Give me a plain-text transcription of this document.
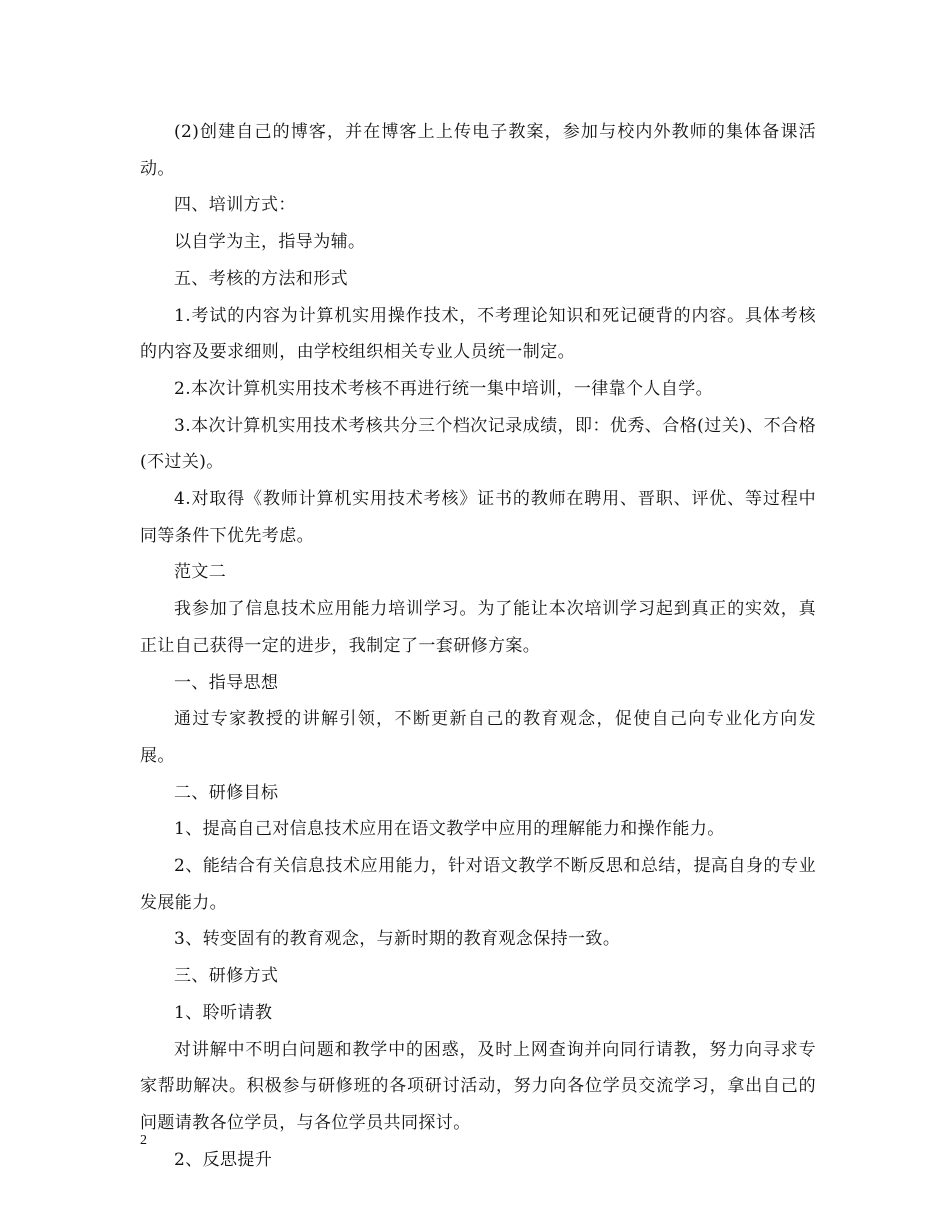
(2)创建自己的博客，并在博客上上传电子教案，参加与校内外教师的集体备课活动。

四、培训方式：

以自学为主，指导为辅。

五、考核的方法和形式

1.考试的内容为计算机实用操作技术，不考理论知识和死记硬背的内容。具体考核的内容及要求细则，由学校组织相关专业人员统一制定。

2.本次计算机实用技术考核不再进行统一集中培训，一律靠个人自学。

3.本次计算机实用技术考核共分三个档次记录成绩，即：优秀、合格(过关)、不合格(不过关)。

4.对取得《教师计算机实用技术考核》证书的教师在聘用、晋职、评优、等过程中同等条件下优先考虑。

范文二

我参加了信息技术应用能力培训学习。为了能让本次培训学习起到真正的实效，真正让自己获得一定的进步，我制定了一套研修方案。

一、指导思想

通过专家教授的讲解引领，不断更新自己的教育观念，促使自己向专业化方向发展。

二、研修目标

1、提高自己对信息技术应用在语文教学中应用的理解能力和操作能力。

2、能结合有关信息技术应用能力，针对语文教学不断反思和总结，提高自身的专业发展能力。

3、转变固有的教育观念，与新时期的教育观念保持一致。

三、研修方式

1、聆听请教

对讲解中不明白问题和教学中的困惑，及时上网查询并向同行请教，努力向寻求专家帮助解决。积极参与研修班的各项研讨活动，努力向各位学员交流学习，拿出自己的问题请教各位学员，与各位学员共同探讨。

2、反思提升

2
